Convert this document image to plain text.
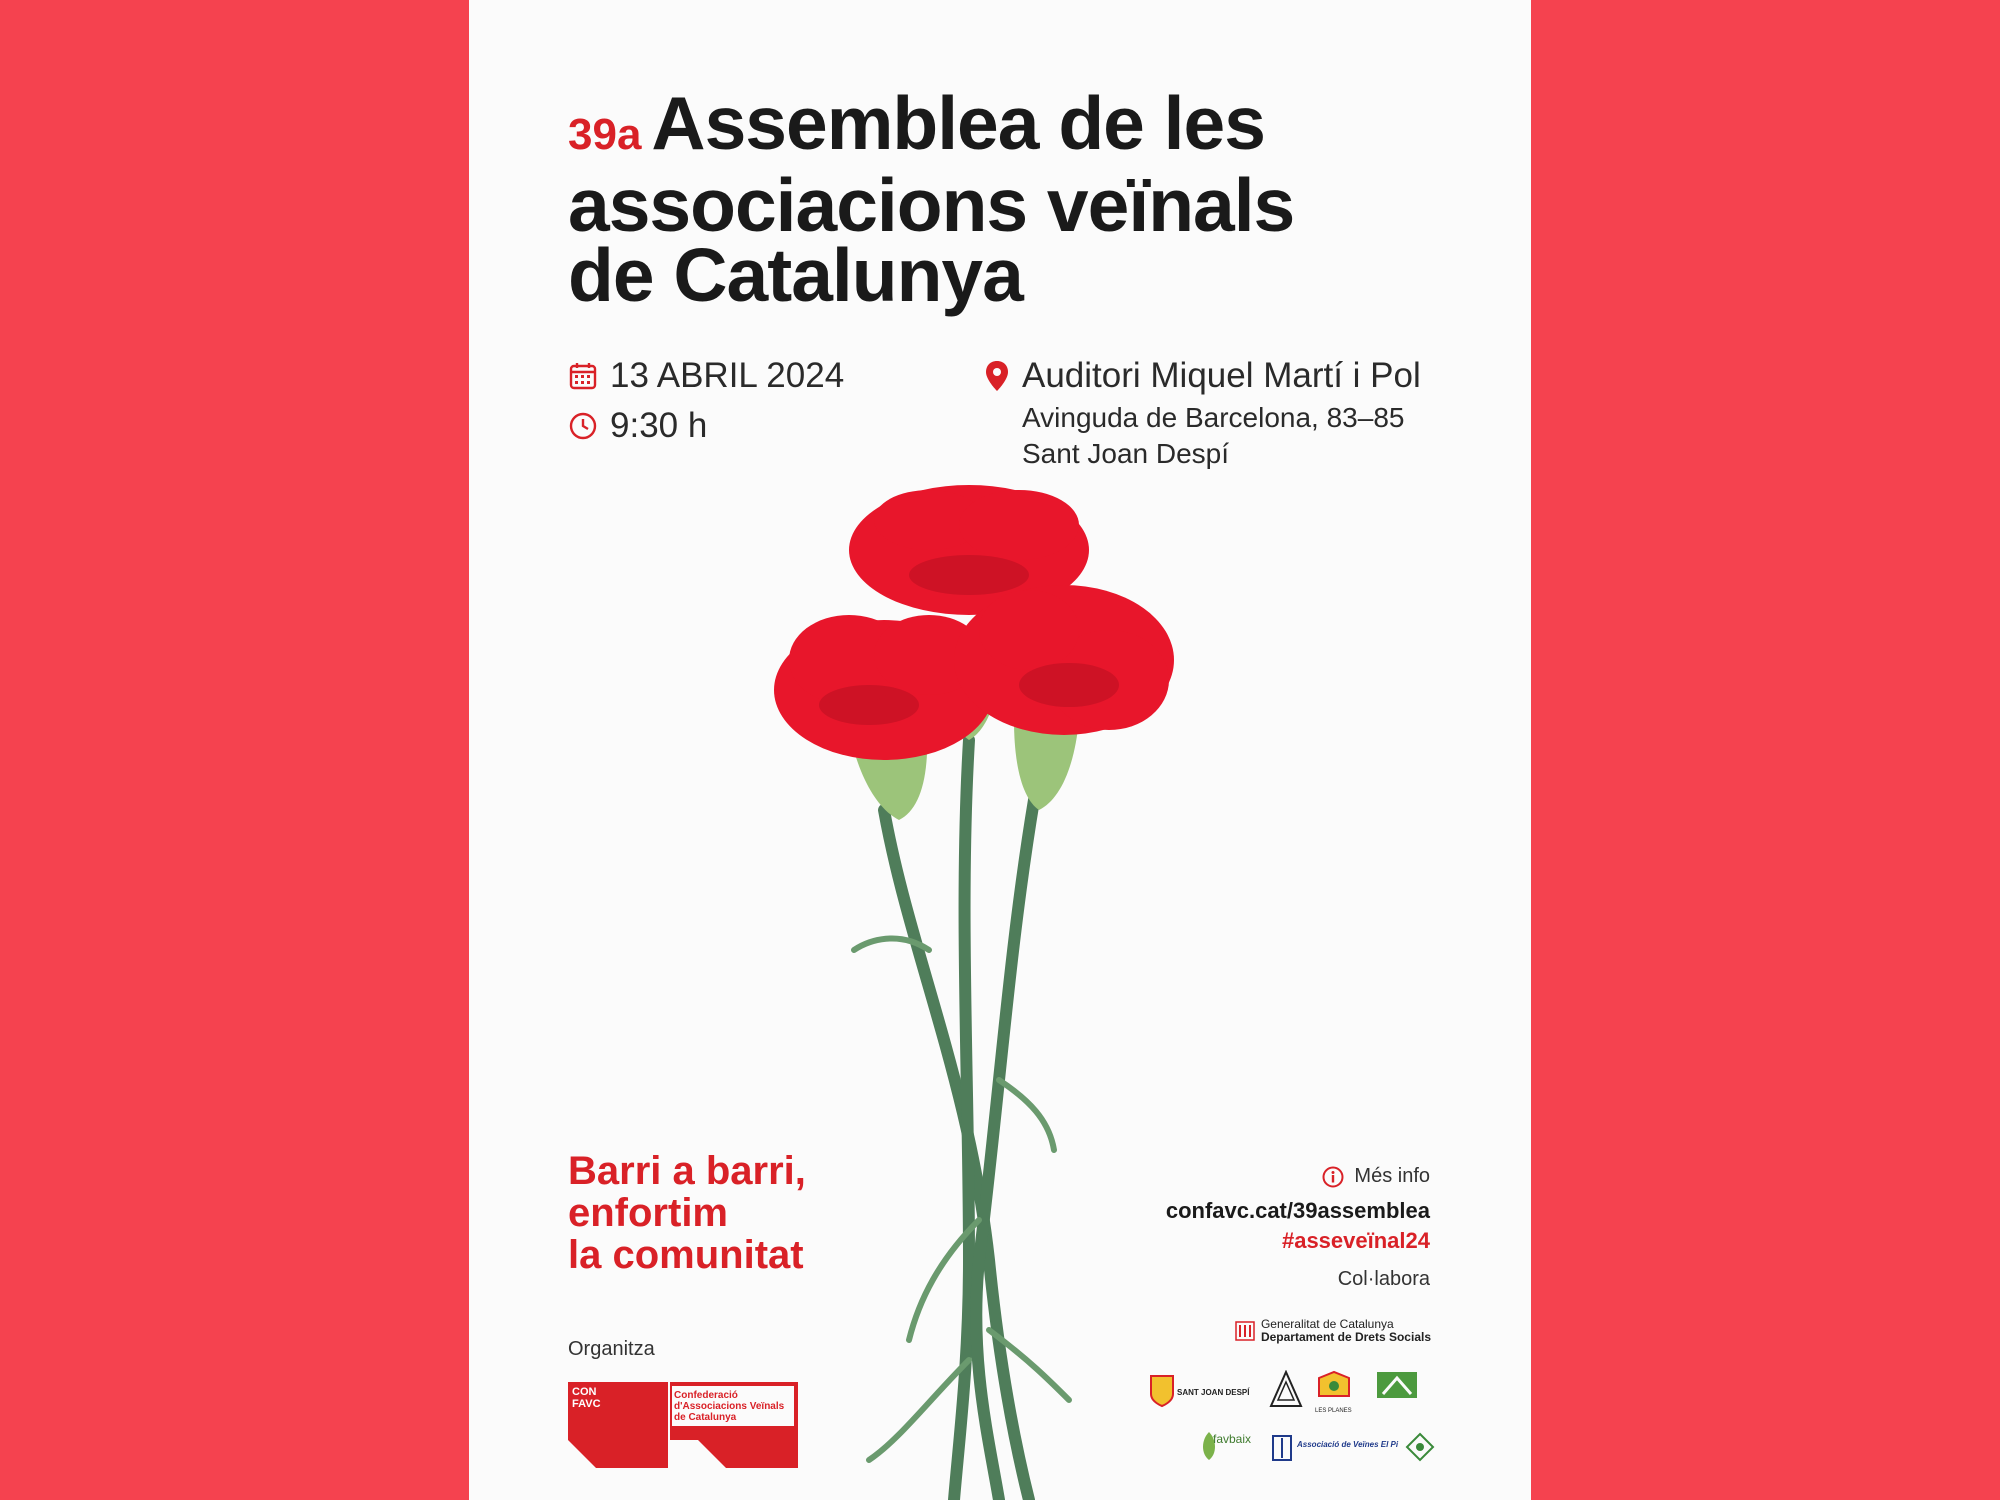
39a Assemblea de les
associacions veïnals
de Catalunya
13 ABRIL 2024
9:30 h
Auditori Miquel Martí i Pol
Avinguda de Barcelona, 83–85
Sant Joan Despí
Barri a barri,
enfortim
la comunitat
Organitza
CON FAVC
Confederació d'Associacions Veïnals de Catalunya
Més info
confavc.cat/39assemblea
#asseveïnal24
Col·labora
Generalitat de Catalunya
Departament de Drets Socials
SANT JOAN DESPÍ
LES PLANES
favbaix	Associació de Veïnes El Pi
